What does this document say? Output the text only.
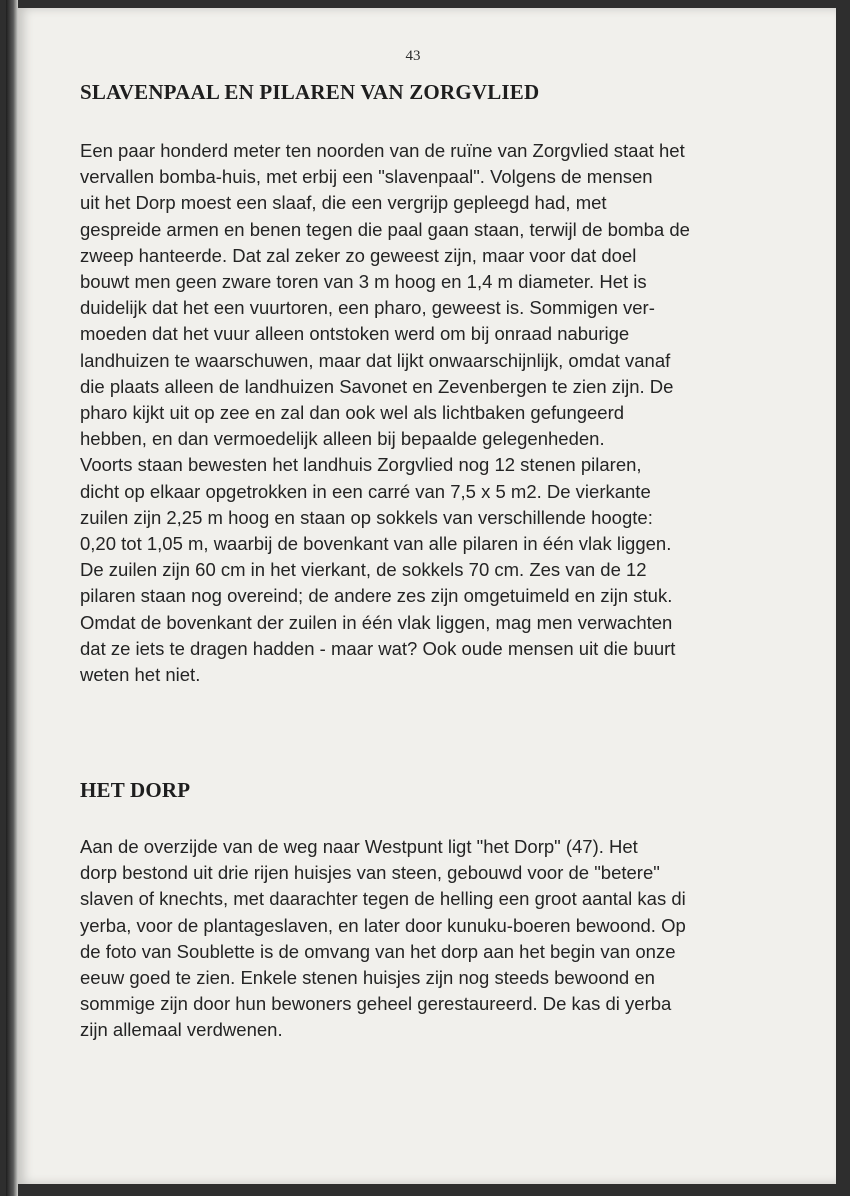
43
SLAVENPAAL EN PILAREN VAN ZORGVLIED

Een paar honderd meter ten noorden van de ruïne van Zorgvlied staat het
vervallen bomba-huis, met erbij een "slavenpaal". Volgens de mensen
uit het Dorp moest een slaaf, die een vergrijp gepleegd had, met
gespreide armen en benen tegen die paal gaan staan, terwijl de bomba de
zweep hanteerde. Dat zal zeker zo geweest zijn, maar voor dat doel
bouwt men geen zware toren van 3 m hoog en 1,4 m diameter. Het is
duidelijk dat het een vuurtoren, een pharo, geweest is. Sommigen ver-
moeden dat het vuur alleen ontstoken werd om bij onraad naburige
landhuizen te waarschuwen, maar dat lijkt onwaarschijnlijk, omdat vanaf
die plaats alleen de landhuizen Savonet en Zevenbergen te zien zijn. De
pharo kijkt uit op zee en zal dan ook wel als lichtbaken gefungeerd
hebben, en dan vermoedelijk alleen bij bepaalde gelegenheden.
Voorts staan bewesten het landhuis Zorgvlied nog 12 stenen pilaren,
dicht op elkaar opgetrokken in een carré van 7,5 x 5 m2. De vierkante
zuilen zijn 2,25 m hoog en staan op sokkels van verschillende hoogte:
0,20 tot 1,05 m, waarbij de bovenkant van alle pilaren in één vlak liggen.
De zuilen zijn 60 cm in het vierkant, de sokkels 70 cm. Zes van de 12
pilaren staan nog overeind; de andere zes zijn omgetuimeld en zijn stuk.
Omdat de bovenkant der zuilen in één vlak liggen, mag men verwachten
dat ze iets te dragen hadden - maar wat? Ook oude mensen uit die buurt
weten het niet.

HET DORP

Aan de overzijde van de weg naar Westpunt ligt "het Dorp" (47). Het
dorp bestond uit drie rijen huisjes van steen, gebouwd voor de "betere"
slaven of knechts, met daarachter tegen de helling een groot aantal kas di
yerba, voor de plantageslaven, en later door kunuku-boeren bewoond. Op
de foto van Soublette is de omvang van het dorp aan het begin van onze
eeuw goed te zien. Enkele stenen huisjes zijn nog steeds bewoond en
sommige zijn door hun bewoners geheel gerestaureerd. De kas di yerba
zijn allemaal verdwenen.
